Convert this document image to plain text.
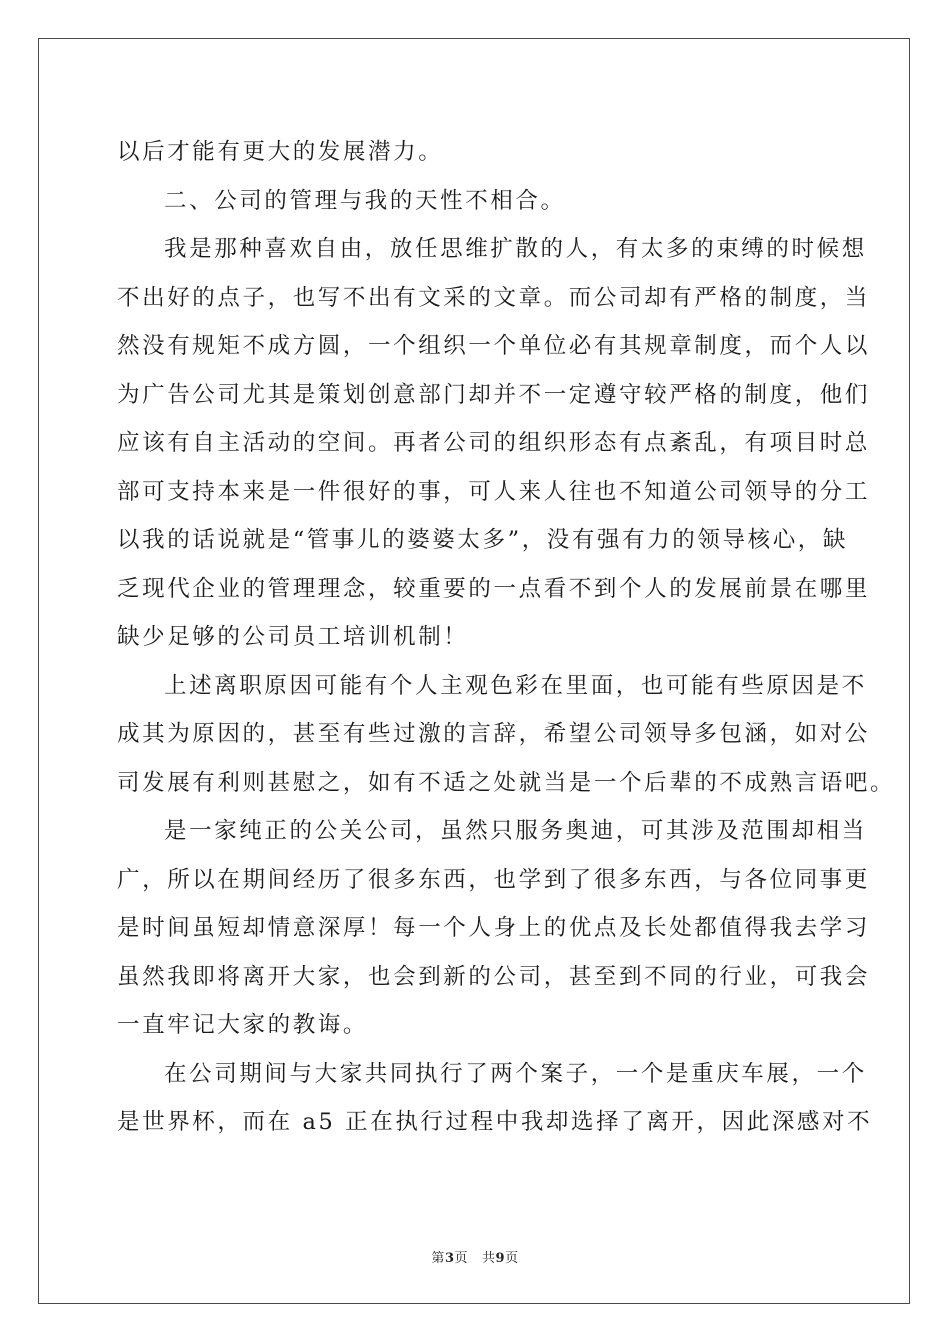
以后才能有更大的发展潜力。
二、公司的管理与我的天性不相合。
我是那种喜欢自由，放任思维扩散的人，有太多的束缚的时候想
不出好的点子，也写不出有文采的文章。而公司却有严格的制度，当
然没有规矩不成方圆，一个组织一个单位必有其规章制度，而个人以
为广告公司尤其是策划创意部门却并不一定遵守较严格的制度，他们
应该有自主活动的空间。再者公司的组织形态有点紊乱，有项目时总
部可支持本来是一件很好的事，可人来人往也不知道公司领导的分工
以我的话说就是“管事儿的婆婆太多”，没有强有力的领导核心，缺
乏现代企业的管理理念，较重要的一点看不到个人的发展前景在哪里
缺少足够的公司员工培训机制！
上述离职原因可能有个人主观色彩在里面，也可能有些原因是不
成其为原因的，甚至有些过激的言辞，希望公司领导多包涵，如对公
司发展有利则甚慰之，如有不适之处就当是一个后辈的不成熟言语吧。
是一家纯正的公关公司，虽然只服务奥迪，可其涉及范围却相当
广，所以在期间经历了很多东西，也学到了很多东西，与各位同事更
是时间虽短却情意深厚！每一个人身上的优点及长处都值得我去学习
虽然我即将离开大家，也会到新的公司，甚至到不同的行业，可我会
一直牢记大家的教诲。
在公司期间与大家共同执行了两个案子，一个是重庆车展，一个
是世界杯，而在 a5 正在执行过程中我却选择了离开，因此深感对不
第3页 共9页
